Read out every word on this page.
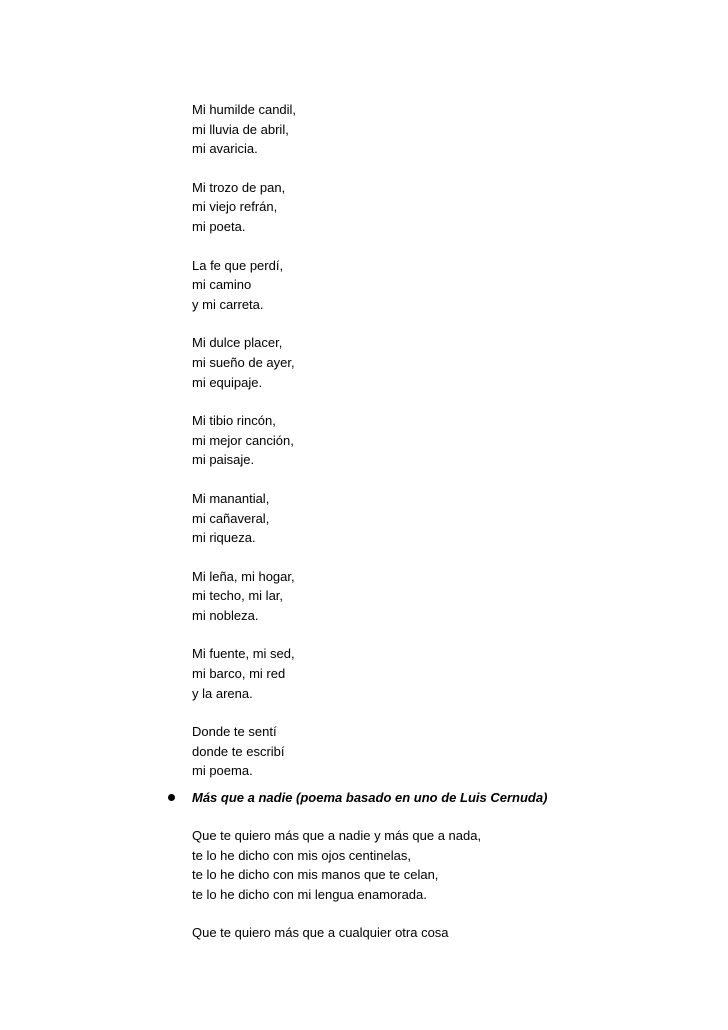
Mi humilde candil,
mi lluvia de abril,
mi avaricia.
Mi trozo de pan,
mi viejo refrán,
mi poeta.
La fe que perdí,
mi camino
y mi carreta.
Mi dulce placer,
mi sueño de ayer,
mi equipaje.
Mi tibio rincón,
mi mejor canción,
mi paisaje.
Mi manantial,
mi cañaveral,
mi riqueza.
Mi leña, mi hogar,
mi techo, mi lar,
mi nobleza.
Mi fuente, mi sed,
mi barco, mi red
y la arena.
Donde te sentí
donde te escribí
mi poema.
Más que a nadie (poema basado en uno de Luis Cernuda)
Que te quiero más que a nadie y más que a nada,
te lo he dicho con mis ojos centinelas,
te lo he dicho con mis manos que te celan,
te lo he dicho con mi lengua enamorada.
Que te quiero más que a cualquier otra cosa
